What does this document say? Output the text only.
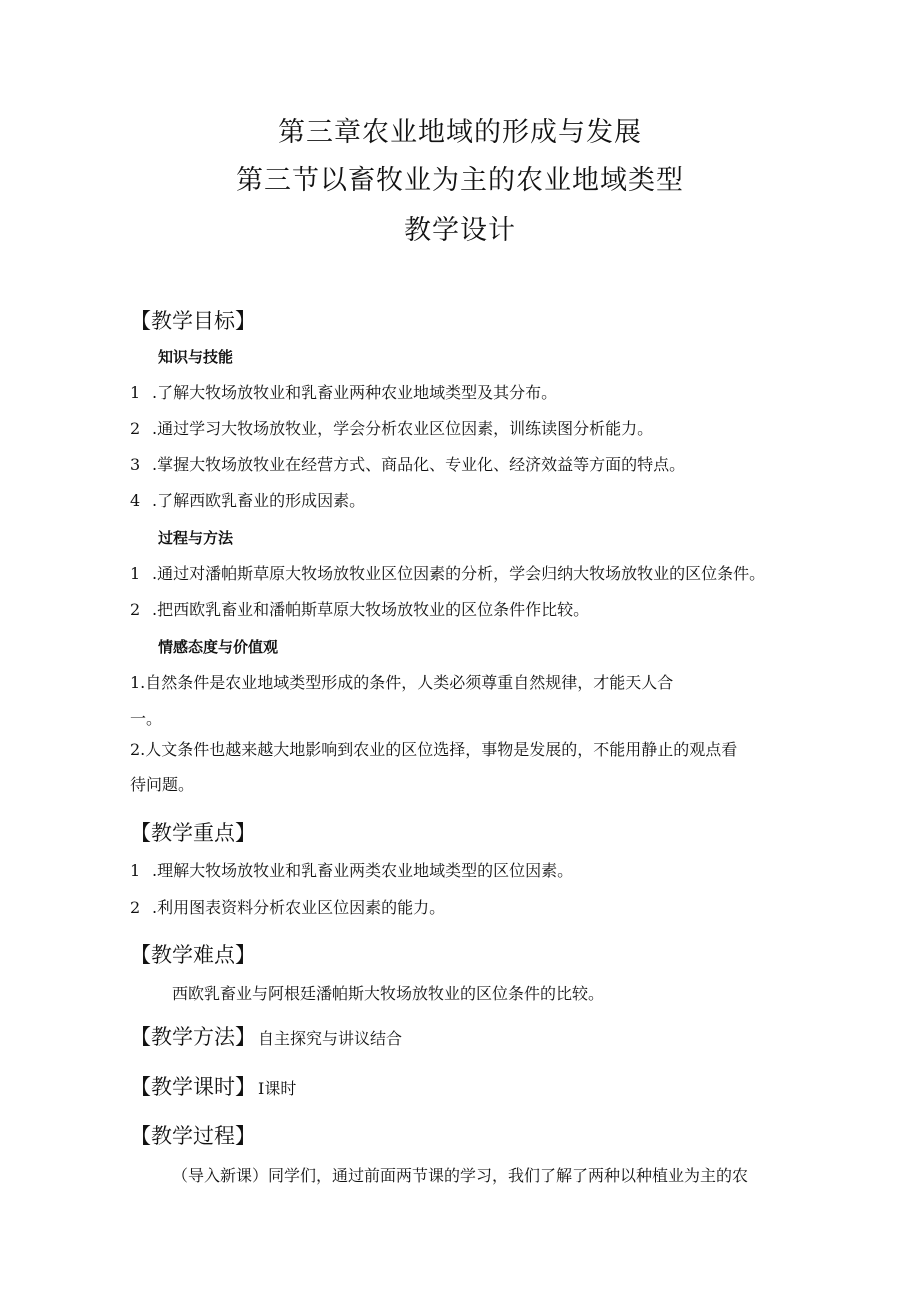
第三章农业地域的形成与发展
第三节以畜牧业为主的农业地域类型
教学设计
【教学目标】
知识与技能
1 .了解大牧场放牧业和乳畜业两种农业地域类型及其分布。
2 .通过学习大牧场放牧业，学会分析农业区位因素，训练读图分析能力。
3 .掌握大牧场放牧业在经营方式、商品化、专业化、经济效益等方面的特点。
4 .了解西欧乳畜业的形成因素。
过程与方法
1 .通过对潘帕斯草原大牧场放牧业区位因素的分析，学会归纳大牧场放牧业的区位条件。
2 .把西欧乳畜业和潘帕斯草原大牧场放牧业的区位条件作比较。
情感态度与价值观
1.自然条件是农业地域类型形成的条件，人类必须尊重自然规律，才能天人合
一。
2.人文条件也越来越大地影响到农业的区位选择，事物是发展的，不能用静止的观点看
待问题。
【教学重点】
1 .理解大牧场放牧业和乳畜业两类农业地域类型的区位因素。
2 .利用图表资料分析农业区位因素的能力。
【教学难点】
西欧乳畜业与阿根廷潘帕斯大牧场放牧业的区位条件的比较。
【教学方法】 自主探究与讲议结合
【教学课时】 I课时
【教学过程】
（导入新课）同学们，通过前面两节课的学习，我们了解了两种以种植业为主的农
